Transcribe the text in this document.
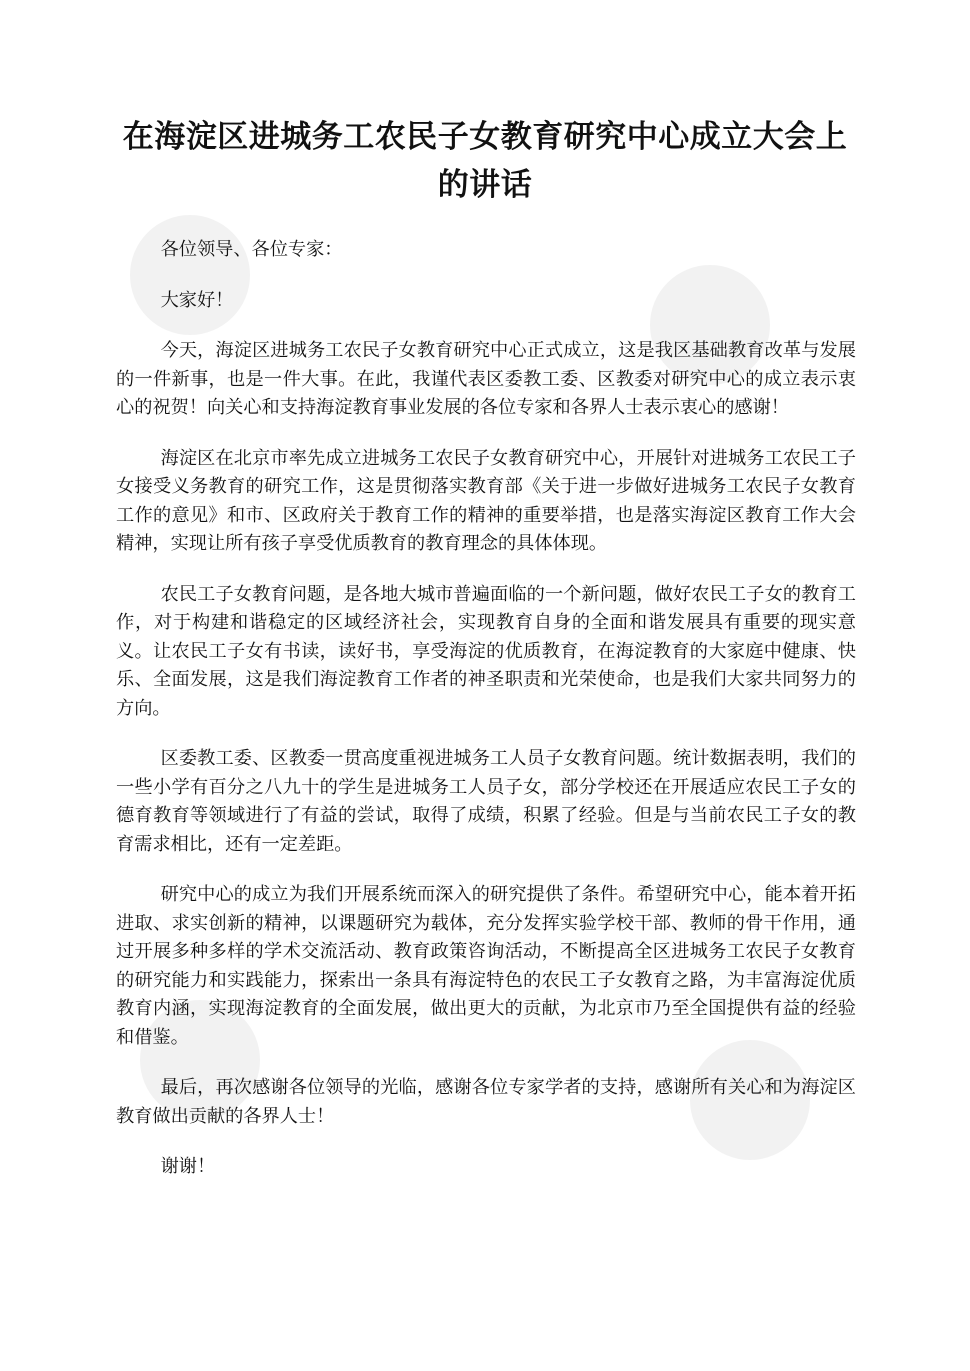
在海淀区进城务工农民子女教育研究中心成立大会上的讲话

各位领导、各位专家：

大家好！

今天，海淀区进城务工农民子女教育研究中心正式成立，这是我区基础教育改革与发展的一件新事，也是一件大事。在此，我谨代表区委教工委、区教委对研究中心的成立表示衷心的祝贺！向关心和支持海淀教育事业发展的各位专家和各界人士表示衷心的感谢！

海淀区在北京市率先成立进城务工农民子女教育研究中心，开展针对进城务工农民工子女接受义务教育的研究工作，这是贯彻落实教育部《关于进一步做好进城务工农民子女教育工作的意见》和市、区政府关于教育工作的精神的重要举措，也是落实海淀区教育工作大会精神，实现让所有孩子享受优质教育的教育理念的具体体现。

农民工子女教育问题，是各地大城市普遍面临的一个新问题，做好农民工子女的教育工作，对于构建和谐稳定的区域经济社会，实现教育自身的全面和谐发展具有重要的现实意义。让农民工子女有书读，读好书，享受海淀的优质教育，在海淀教育的大家庭中健康、快乐、全面发展，这是我们海淀教育工作者的神圣职责和光荣使命，也是我们大家共同努力的方向。

区委教工委、区教委一贯高度重视进城务工人员子女教育问题。统计数据表明，我们的一些小学有百分之八九十的学生是进城务工人员子女，部分学校还在开展适应农民工子女的德育教育等领域进行了有益的尝试，取得了成绩，积累了经验。但是与当前农民工子女的教育需求相比，还有一定差距。

研究中心的成立为我们开展系统而深入的研究提供了条件。希望研究中心，能本着开拓进取、求实创新的精神，以课题研究为载体，充分发挥实验学校干部、教师的骨干作用，通过开展多种多样的学术交流活动、教育政策咨询活动，不断提高全区进城务工农民子女教育的研究能力和实践能力，探索出一条具有海淀特色的农民工子女教育之路，为丰富海淀优质教育内涵，实现海淀教育的全面发展，做出更大的贡献，为北京市乃至全国提供有益的经验和借鉴。

最后，再次感谢各位领导的光临，感谢各位专家学者的支持，感谢所有关心和为海淀区教育做出贡献的各界人士！

谢谢！
